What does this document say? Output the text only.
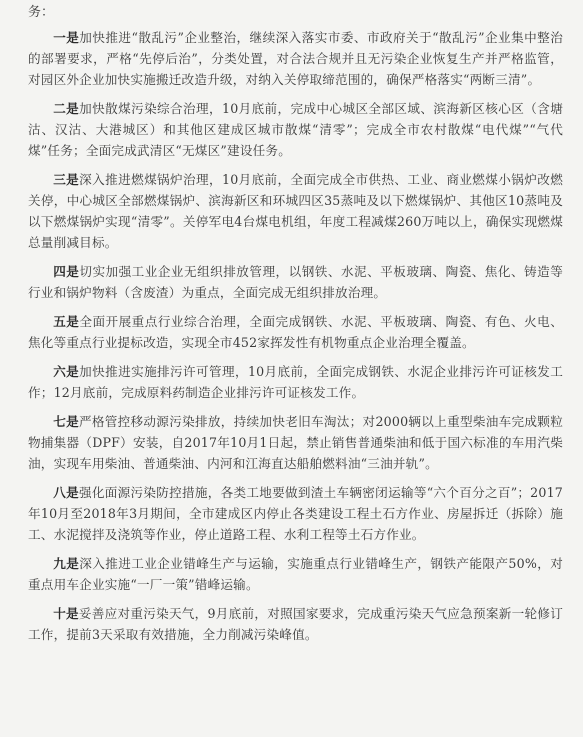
务：

一是加快推进“散乱污”企业整治，继续深入落实市委、市政府关于“散乱污”企业集中整治的部署要求，严格“先停后治”，分类处置，对合法合规并且无污染企业恢复生产并严格监管，对园区外企业加快实施搬迁改造升级，对纳入关停取缔范围的，确保严格落实“两断三清”。

二是加快散煤污染综合治理，10月底前，完成中心城区全部区域、滨海新区核心区（含塘沽、汉沽、大港城区）和其他区建成区城市散煤“清零”；完成全市农村散煤“电代煤”“气代煤”任务；全面完成武清区“无煤区”建设任务。

三是深入推进燃煤锅炉治理，10月底前，全面完成全市供热、工业、商业燃煤小锅炉改燃关停，中心城区全部燃煤锅炉、滨海新区和环城四区35蒸吨及以下燃煤锅炉、其他区10蒸吨及以下燃煤锅炉实现“清零”。关停军电4台煤电机组，年度工程减煤260万吨以上，确保实现燃煤总量削减目标。

四是切实加强工业企业无组织排放管理，以钢铁、水泥、平板玻璃、陶瓷、焦化、铸造等行业和锅炉物料（含废渣）为重点，全面完成无组织排放治理。

五是全面开展重点行业综合治理，全面完成钢铁、水泥、平板玻璃、陶瓷、有色、火电、焦化等重点行业提标改造，实现全市452家挥发性有机物重点企业治理全覆盖。

六是加快推进实施排污许可管理，10月底前，全面完成钢铁、水泥企业排污许可证核发工作；12月底前，完成原料药制造企业排污许可证核发工作。

七是严格管控移动源污染排放，持续加快老旧车淘汰；对2000辆以上重型柴油车完成颗粒物捕集器（DPF）安装，自2017年10月1日起，禁止销售普通柴油和低于国六标准的车用汽柴油，实现车用柴油、普通柴油、内河和江海直达船舶燃料油“三油并轨”。

八是强化面源污染防控措施，各类工地要做到渣土车辆密闭运输等“六个百分之百”；2017年10月至2018年3月期间，全市建成区内停止各类建设工程土石方作业、房屋拆迁（拆除）施工、水泥搅拌及浇筑等作业，停止道路工程、水利工程等土石方作业。

九是深入推进工业企业错峰生产与运输，实施重点行业错峰生产，钢铁产能限产50%，对重点用车企业实施“一厂一策”错峰运输。

十是妥善应对重污染天气，9月底前，对照国家要求，完成重污染天气应急预案新一轮修订工作，提前3天采取有效措施，全力削减污染峰值。
